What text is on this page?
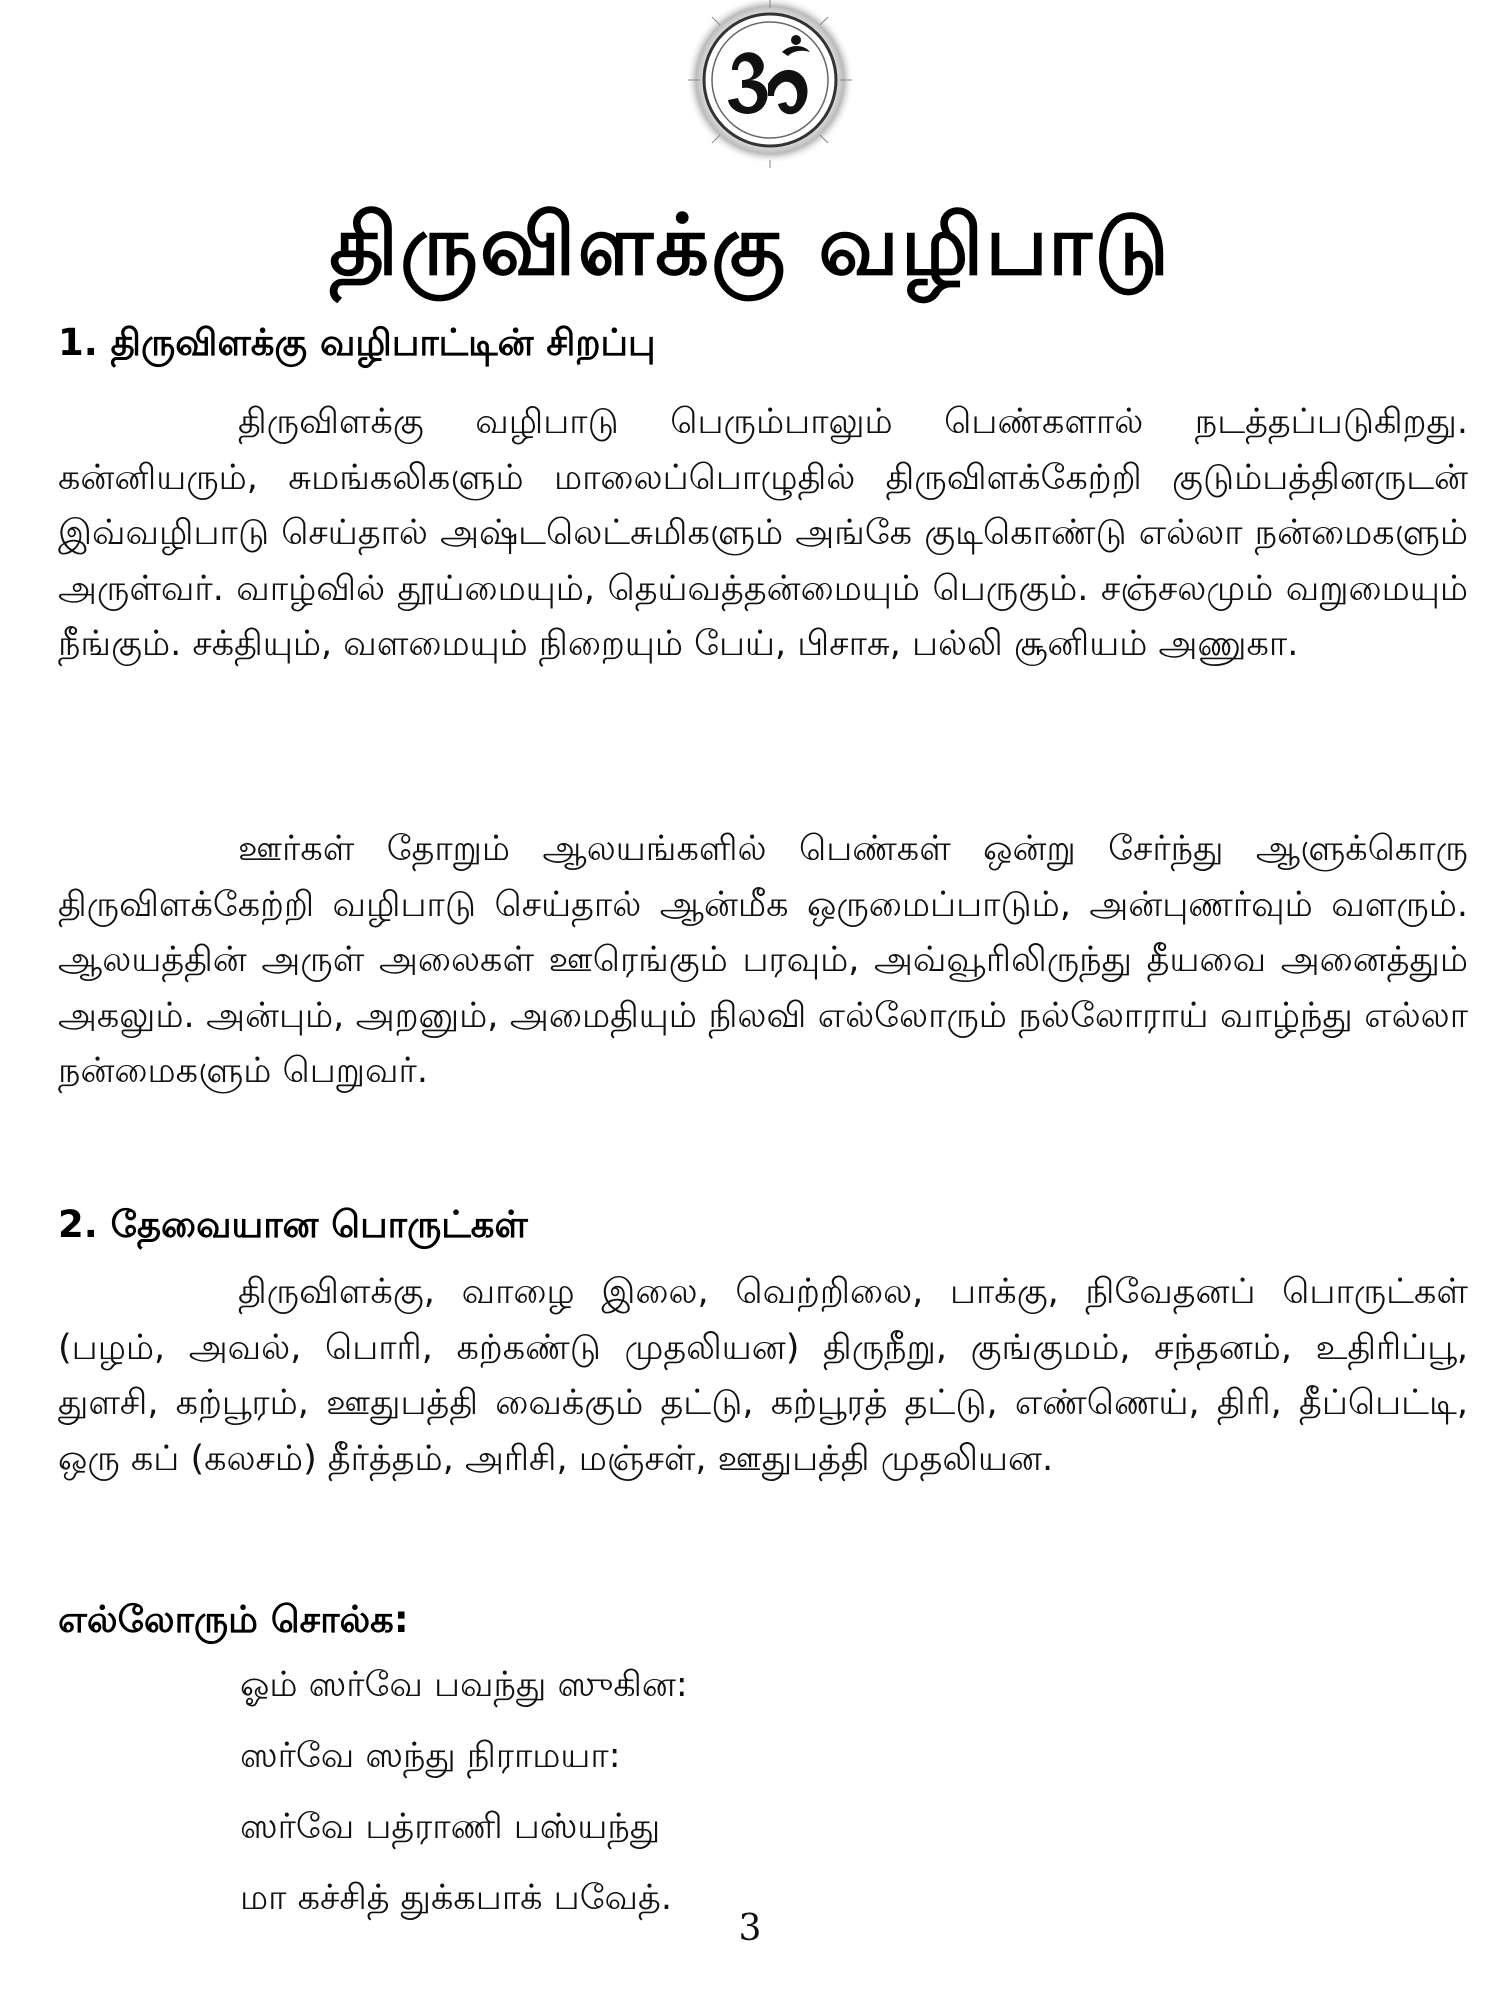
திருவிளக்கு வழிபாடு
1. திருவிளக்கு வழிபாட்டின் சிறப்பு

திருவிளக்கு வழிபாடு பெரும்பாலும் பெண்களால் நடத்தப்படுகிறது. கன்னியரும், சுமங்கலிகளும் மாலைப்பொழுதில் திருவிளக்கேற்றி குடும்பத்தினருடன் இவ்வழிபாடு செய்தால் அஷ்டலெட்சுமிகளும் அங்கே குடிகொண்டு எல்லா நன்மைகளும் அருள்வர். வாழ்வில் தூய்மையும், தெய்வத்தன்மையும் பெருகும். சஞ்சலமும் வறுமையும் நீங்கும். சக்தியும், வளமையும் நிறையும் பேய், பிசாசு, பல்லி சூனியம் அணுகா.

ஊர்கள் தோறும் ஆலயங்களில் பெண்கள் ஒன்று சேர்ந்து ஆளுக்கொரு திருவிளக்கேற்றி வழிபாடு செய்தால் ஆன்மீக ஒருமைப்பாடும், அன்புணர்வும் வளரும். ஆலயத்தின் அருள் அலைகள் ஊரெங்கும் பரவும், அவ்வூரிலிருந்து தீயவை அனைத்தும் அகலும். அன்பும், அறனும், அமைதியும் நிலவி எல்லோரும் நல்லோராய் வாழ்ந்து எல்லா நன்மைகளும் பெறுவர்.

2. தேவையான பொருட்கள்

திருவிளக்கு, வாழை இலை, வெற்றிலை, பாக்கு, நிவேதனப் பொருட்கள் (பழம், அவல், பொரி, கற்கண்டு முதலியன) திருநீறு, குங்குமம், சந்தனம், உதிரிப்பூ, துளசி, கற்பூரம், ஊதுபத்தி வைக்கும் தட்டு, கற்பூரத் தட்டு, எண்ணெய், திரி, தீப்பெட்டி, ஒரு கப் (கலசம்) தீர்த்தம், அரிசி, மஞ்சள், ஊதுபத்தி முதலியன.

எல்லோரும் சொல்க:
ஓம் ஸர்வே பவந்து ஸுகின:
ஸர்வே ஸந்து நிராமயா:
ஸர்வே பத்ராணி பஸ்யந்து
மா கச்சித் துக்கபாக் பவேத்.

3
